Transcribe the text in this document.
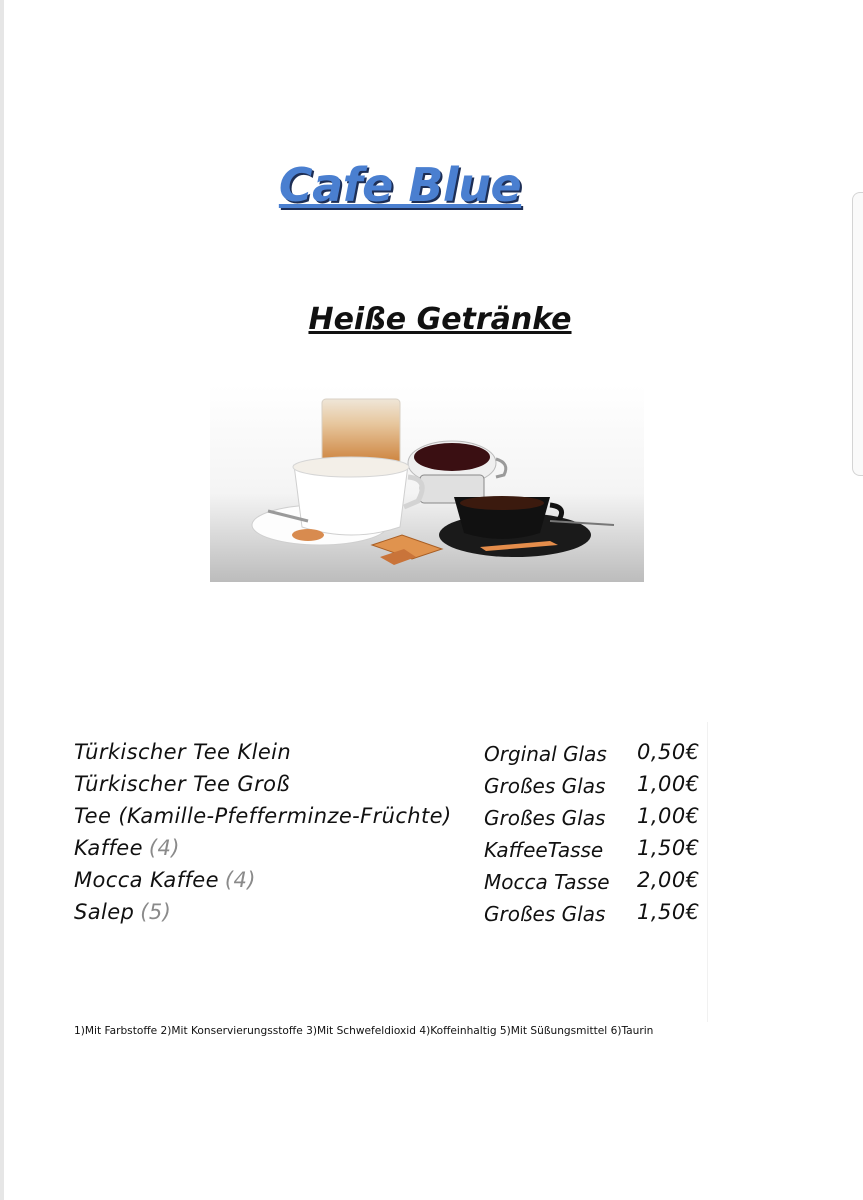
Cafe Blue
Heiße Getränke
Türkischer Tee Klein	Orginal Glas 0,50€
Türkischer Tee Groß	Großes Glas 1,00€
Tee (Kamille-Pfefferminze-Früchte)	Großes Glas 1,00€
Kaffee (4)	KaffeeTasse 1,50€
Mocca Kaffee (4)	Mocca Tasse 2,00€
Salep (5)	Großes Glas 1,50€
1)Mit Farbstoffe 2)Mit Konservierungsstoffe 3)Mit Schwefeldioxid 4)Koffeinhaltig 5)Mit Süßungsmittel 6)Taurin
